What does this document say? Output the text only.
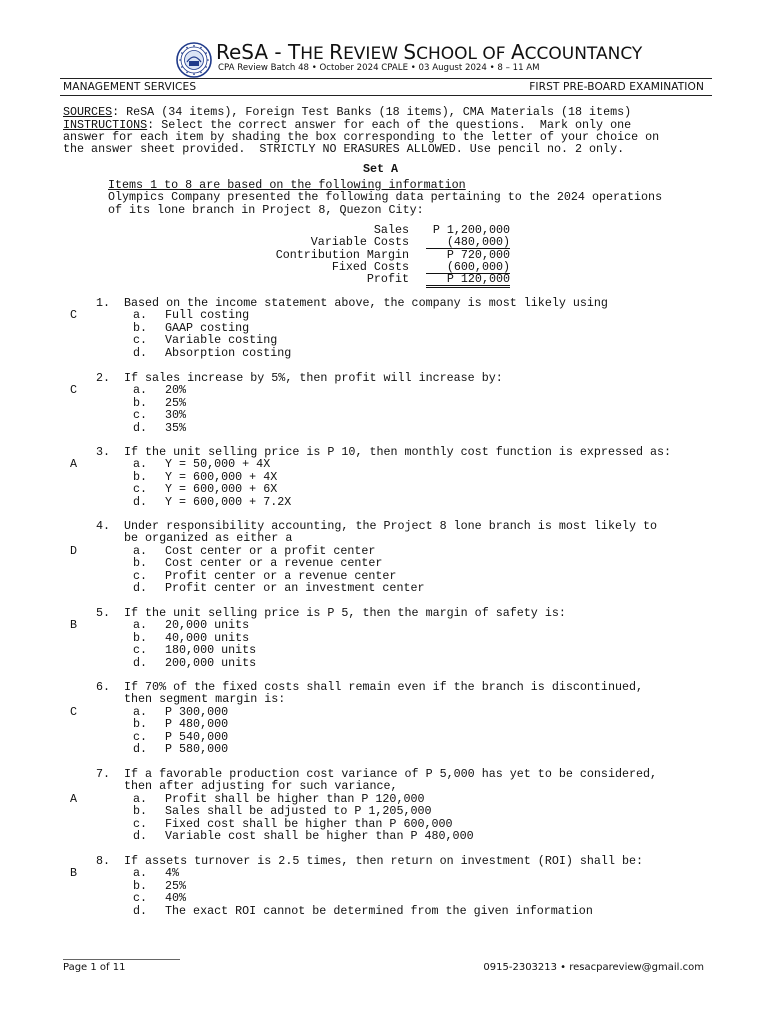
ReSA - THE REVIEW SCHOOL OF ACCOUNTANCY
CPA Review Batch 48 • October 2024 CPALE • 03 August 2024 • 8 – 11 AM
MANAGEMENT SERVICES	FIRST PRE-BOARD EXAMINATION
SOURCES: ReSA (34 items), Foreign Test Banks (18 items), CMA Materials (18 items)
INSTRUCTIONS: Select the correct answer for each of the questions.  Mark only one
answer for each item by shading the box corresponding to the letter of your choice on
the answer sheet provided.  STRICTLY NO ERASURES ALLOWED. Use pencil no. 2 only.
Set A
Items 1 to 8 are based on the following information
Olympics Company presented the following data pertaining to the 2024 operations
of its lone branch in Project 8, Quezon City:
Sales	P 1,200,000
Variable Costs	(480,000)
Contribution Margin	P 720,000
Fixed Costs	(600,000)
Profit	P 120,000
1. Based on the income statement above, the company is most likely using
C	a. Full costing
b. GAAP costing
c. Variable costing
d. Absorption costing
2. If sales increase by 5%, then profit will increase by:
C	a. 20%
b. 25%
c. 30%
d. 35%
3. If the unit selling price is P 10, then monthly cost function is expressed as:
A	a. Y = 50,000 + 4X
b. Y = 600,000 + 4X
c. Y = 600,000 + 6X
d. Y = 600,000 + 7.2X
4. Under responsibility accounting, the Project 8 lone branch is most likely to
be organized as either a
D	a. Cost center or a profit center
b. Cost center or a revenue center
c. Profit center or a revenue center
d. Profit center or an investment center
5. If the unit selling price is P 5, then the margin of safety is:
B	a. 20,000 units
b. 40,000 units
c. 180,000 units
d. 200,000 units
6. If 70% of the fixed costs shall remain even if the branch is discontinued,
then segment margin is:
C	a. P 300,000
b. P 480,000
c. P 540,000
d. P 580,000
7. If a favorable production cost variance of P 5,000 has yet to be considered,
then after adjusting for such variance,
A	a. Profit shall be higher than P 120,000
b. Sales shall be adjusted to P 1,205,000
c. Fixed cost shall be higher than P 600,000
d. Variable cost shall be higher than P 480,000
8. If assets turnover is 2.5 times, then return on investment (ROI) shall be:
B	a. 4%
b. 25%
c. 40%
d. The exact ROI cannot be determined from the given information
Page 1 of 11	0915-2303213 • resacpareview@gmail.com
